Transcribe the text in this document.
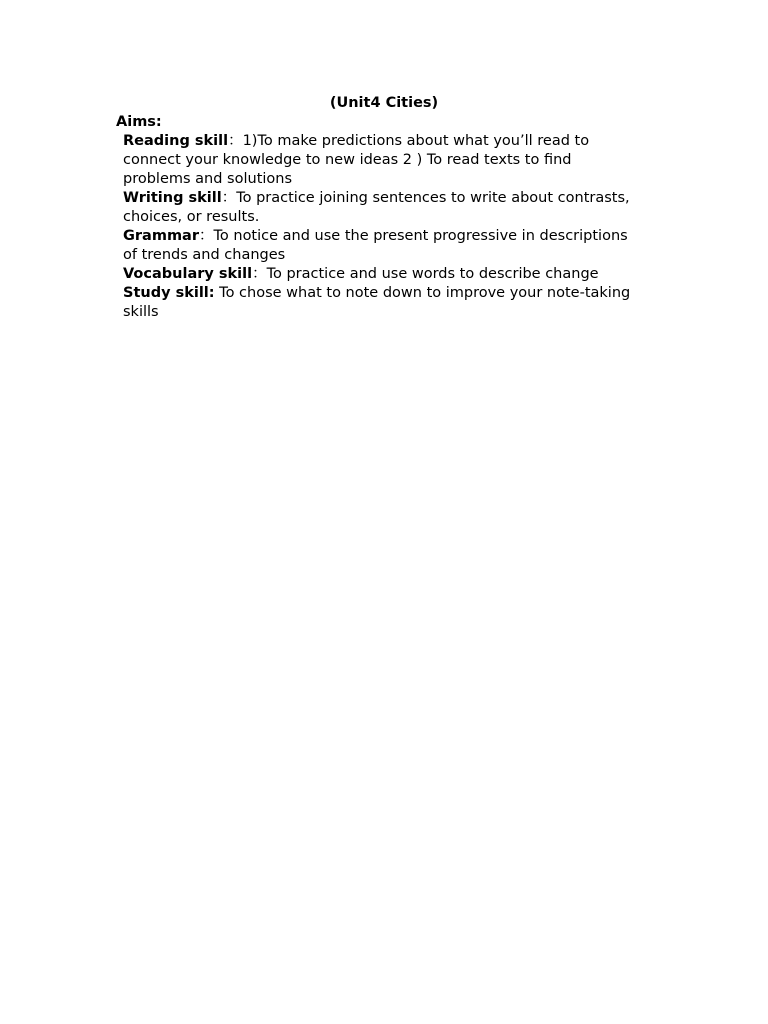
(Unit4 Cities)

Aims:

Reading skill：1)To make predictions about what you’ll read to connect your knowledge to new ideas 2 ) To read texts to find problems and solutions

Writing skill：To practice joining sentences to write about contrasts, choices, or results.

Grammar：To notice and use the present progressive in descriptions of trends and changes

Vocabulary skill：To practice and use words to describe change

Study skill: To chose what to note down to improve your note-taking skills
